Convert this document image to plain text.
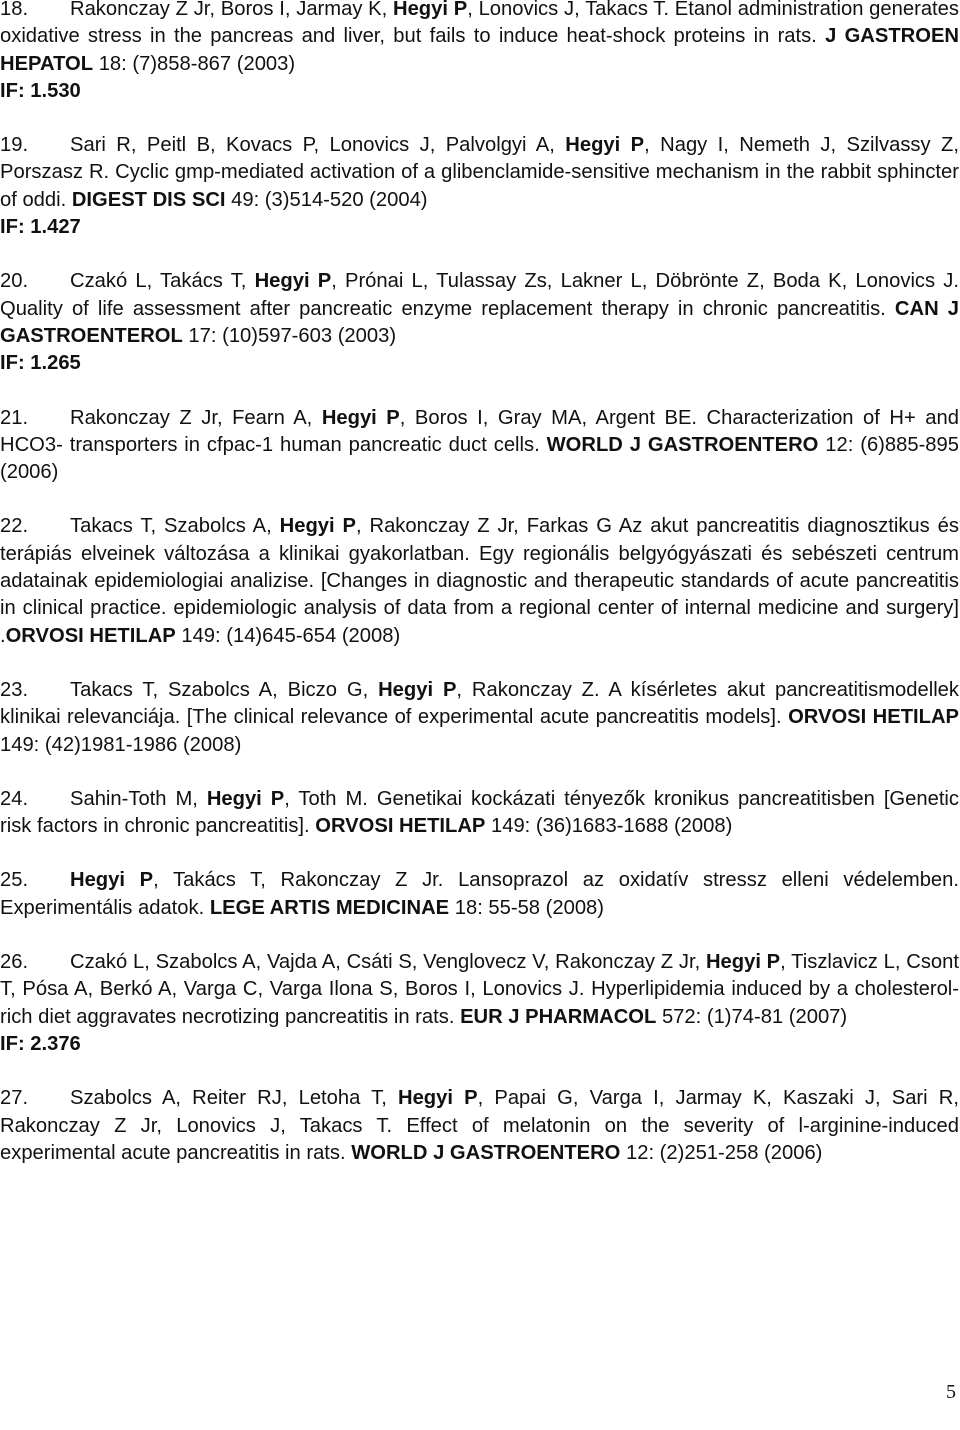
18. Rakonczay Z Jr, Boros I, Jarmay K, Hegyi P, Lonovics J, Takacs T. Etanol administration generates oxidative stress in the pancreas and liver, but fails to induce heat-shock proteins in rats. J GASTROEN HEPATOL 18: (7)858-867 (2003)
IF: 1.530
19. Sari R, Peitl B, Kovacs P, Lonovics J, Palvolgyi A, Hegyi P, Nagy I, Nemeth J, Szilvassy Z, Porszasz R. Cyclic gmp-mediated activation of a glibenclamide-sensitive mechanism in the rabbit sphincter of oddi. DIGEST DIS SCI 49: (3)514-520 (2004)
IF: 1.427
20. Czakó L, Takács T, Hegyi P, Prónai L, Tulassay Zs, Lakner L, Döbrönte Z, Boda K, Lonovics J. Quality of life assessment after pancreatic enzyme replacement therapy in chronic pancreatitis. CAN J GASTROENTEROL 17: (10)597-603 (2003)
IF: 1.265
21. Rakonczay Z Jr, Fearn A, Hegyi P, Boros I, Gray MA, Argent BE. Characterization of H+ and HCO3- transporters in cfpac-1 human pancreatic duct cells. WORLD J GASTROENTERO 12: (6)885-895 (2006)
22. Takacs T, Szabolcs A, Hegyi P, Rakonczay Z Jr, Farkas G Az akut pancreatitis diagnosztikus és terápiás elveinek változása a klinikai gyakorlatban. Egy regionális belgyógyászati és sebészeti centrum adatainak epidemiologiai analizise. [Changes in diagnostic and therapeutic standards of acute pancreatitis in clinical practice. epidemiologic analysis of data from a regional center of internal medicine and surgery] .ORVOSI HETILAP 149: (14)645-654 (2008)
23. Takacs T, Szabolcs A, Biczo G, Hegyi P, Rakonczay Z. A kísérletes akut pancreatitismodellek klinikai relevanciája. [The clinical relevance of experimental acute pancreatitis models]. ORVOSI HETILAP 149: (42)1981-1986 (2008)
24. Sahin-Toth M, Hegyi P, Toth M. Genetikai kockázati tényezők kronikus pancreatitisben [Genetic risk factors in chronic pancreatitis]. ORVOSI HETILAP 149: (36)1683-1688 (2008)
25. Hegyi P, Takács T, Rakonczay Z Jr. Lansoprazol az oxidatív stressz elleni védelemben. Experimentális adatok. LEGE ARTIS MEDICINAE 18: 55-58 (2008)
26. Czakó L, Szabolcs A, Vajda A, Csáti S, Venglovecz V, Rakonczay Z Jr, Hegyi P, Tiszlavicz L, Csont T, Pósa A, Berkó A, Varga C, Varga Ilona S, Boros I, Lonovics J. Hyperlipidemia induced by a cholesterol-rich diet aggravates necrotizing pancreatitis in rats. EUR J PHARMACOL 572: (1)74-81 (2007)
IF: 2.376
27. Szabolcs A, Reiter RJ, Letoha T, Hegyi P, Papai G, Varga I, Jarmay K, Kaszaki J, Sari R, Rakonczay Z Jr, Lonovics J, Takacs T. Effect of melatonin on the severity of l-arginine-induced experimental acute pancreatitis in rats. WORLD J GASTROENTERO 12: (2)251-258 (2006)
5
